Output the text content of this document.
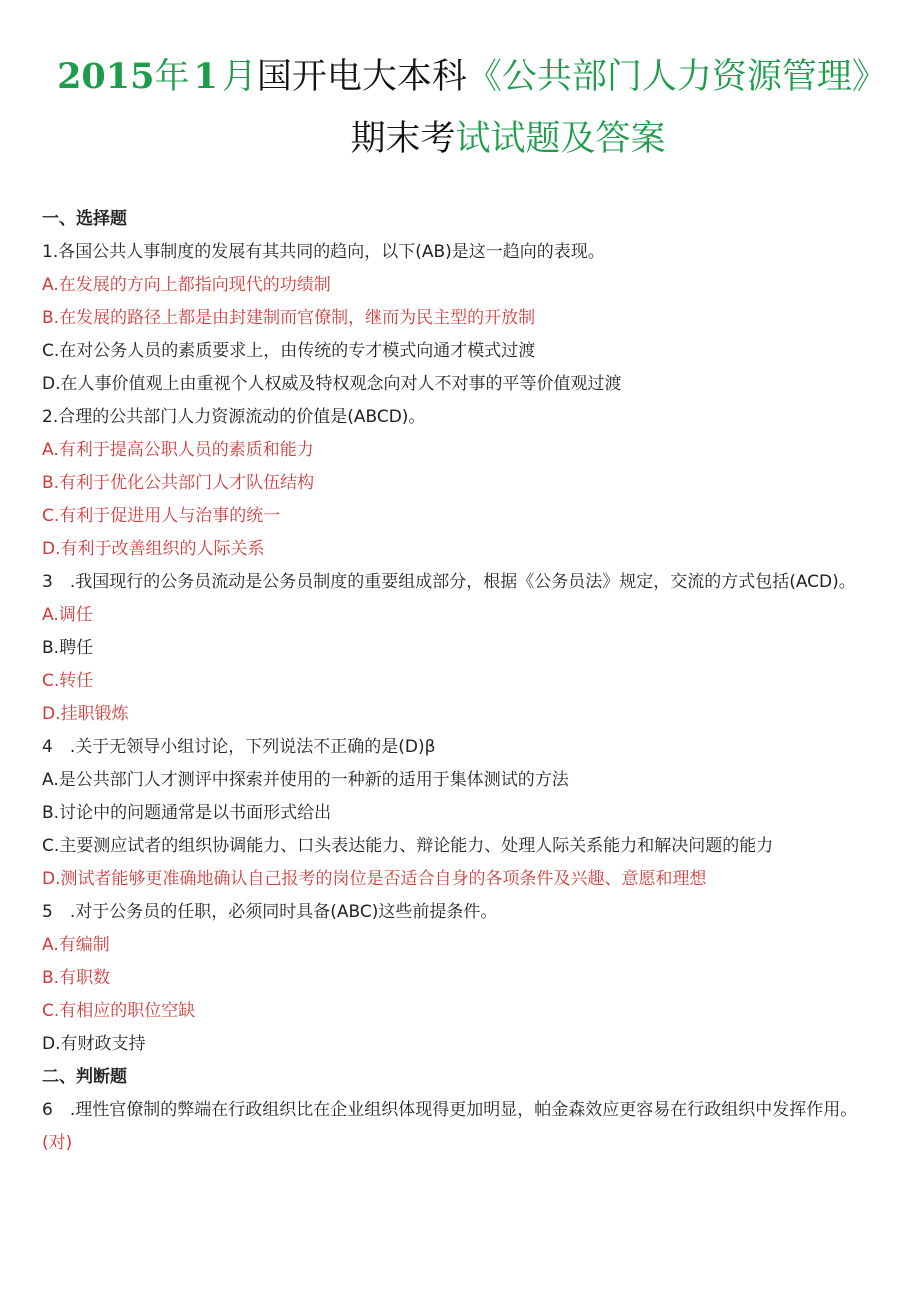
2015年 1 月国开电大本科《公共部门人力资源管理》
期末考试试题及答案
一、选择题
1.各国公共人事制度的发展有其共同的趋向，以下(AB)是这一趋向的表现。
A.在发展的方向上都指向现代的功绩制
B.在发展的路径上都是由封建制而官僚制，继而为民主型的开放制
C.在对公务人员的素质要求上，由传统的专才模式向通才模式过渡
D.在人事价值观上由重视个人权威及特权观念向对人不对事的平等价值观过渡
2.合理的公共部门人力资源流动的价值是(ABCD)。
A.有利于提高公职人员的素质和能力
B.有利于优化公共部门人才队伍结构
C.有利于促进用人与治事的统一
D.有利于改善组织的人际关系
3　.我国现行的公务员流动是公务员制度的重要组成部分，根据《公务员法》规定，交流的方式包括(ACD)。
A.调任
B.聘任
C.转任
D.挂职锻炼
4　.关于无领导小组讨论，下列说法不正确的是(D)β
A.是公共部门人才测评中探索并使用的一种新的适用于集体测试的方法
B.讨论中的问题通常是以书面形式给出
C.主要测应试者的组织协调能力、口头表达能力、辩论能力、处理人际关系能力和解决问题的能力
D.测试者能够更准确地确认自己报考的岗位是否适合自身的各项条件及兴趣、意愿和理想
5　.对于公务员的任职，必须同时具备(ABC)这些前提条件。
A.有编制
B.有职数
C.有相应的职位空缺
D.有财政支持
二、判断题
6　.理性官僚制的弊端在行政组织比在企业组织体现得更加明显，帕金森效应更容易在行政组织中发挥作用。(对)
